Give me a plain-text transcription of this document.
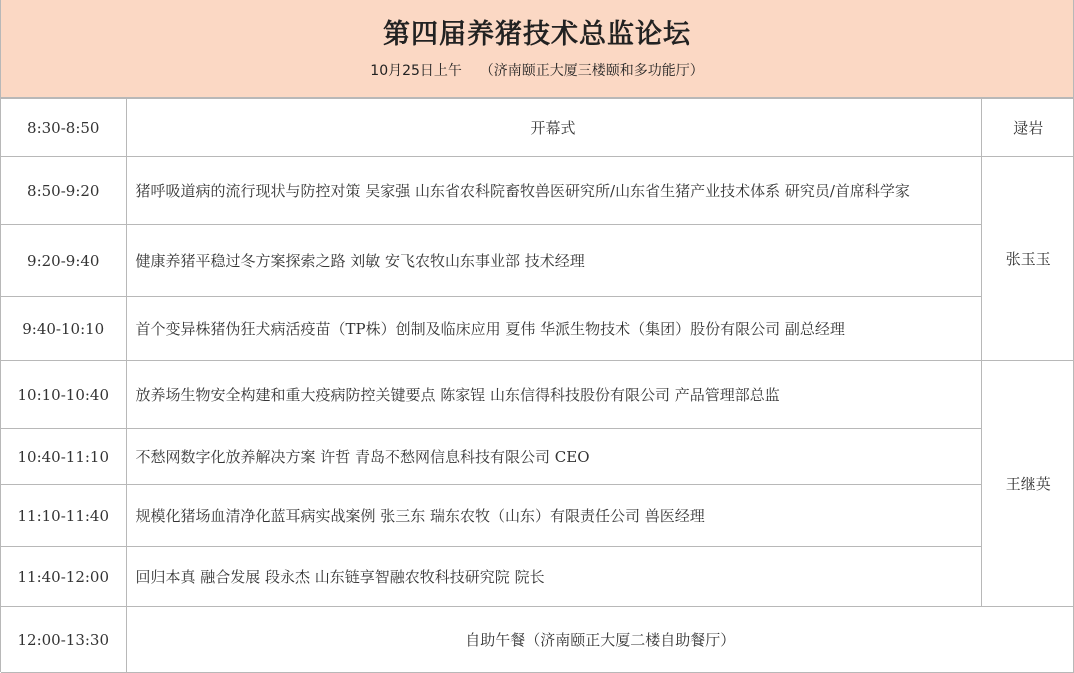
第四届养猪技术总监论坛
10月25日上午    （济南颐正大厦三楼颐和多功能厅）
8:30-8:50	开幕式	逯岩
8:50-9:20	猪呼吸道病的流行现状与防控对策 吴家强 山东省农科院畜牧兽医研究所/山东省生猪产业技术体系 研究员/首席科学家	张玉玉
9:20-9:40	健康养猪平稳过冬方案探索之路 刘敏 安飞农牧山东事业部 技术经理	
9:40-10:10	首个变异株猪伪狂犬病活疫苗（TP株）创制及临床应用 夏伟 华派生物技术（集团）股份有限公司 副总经理	
10:10-10:40	放养场生物安全构建和重大疫病防控关键要点 陈家锃 山东信得科技股份有限公司 产品管理部总监	王继英
10:40-11:10	不愁网数字化放养解决方案 许哲 青岛不愁网信息科技有限公司 CEO	
11:10-11:40	规模化猪场血清净化蓝耳病实战案例 张三东 瑞东农牧（山东）有限责任公司 兽医经理	
11:40-12:00	回归本真 融合发展 段永杰 山东链享智融农牧科技研究院 院长	
12:00-13:30	自助午餐（济南颐正大厦二楼自助餐厅）	
